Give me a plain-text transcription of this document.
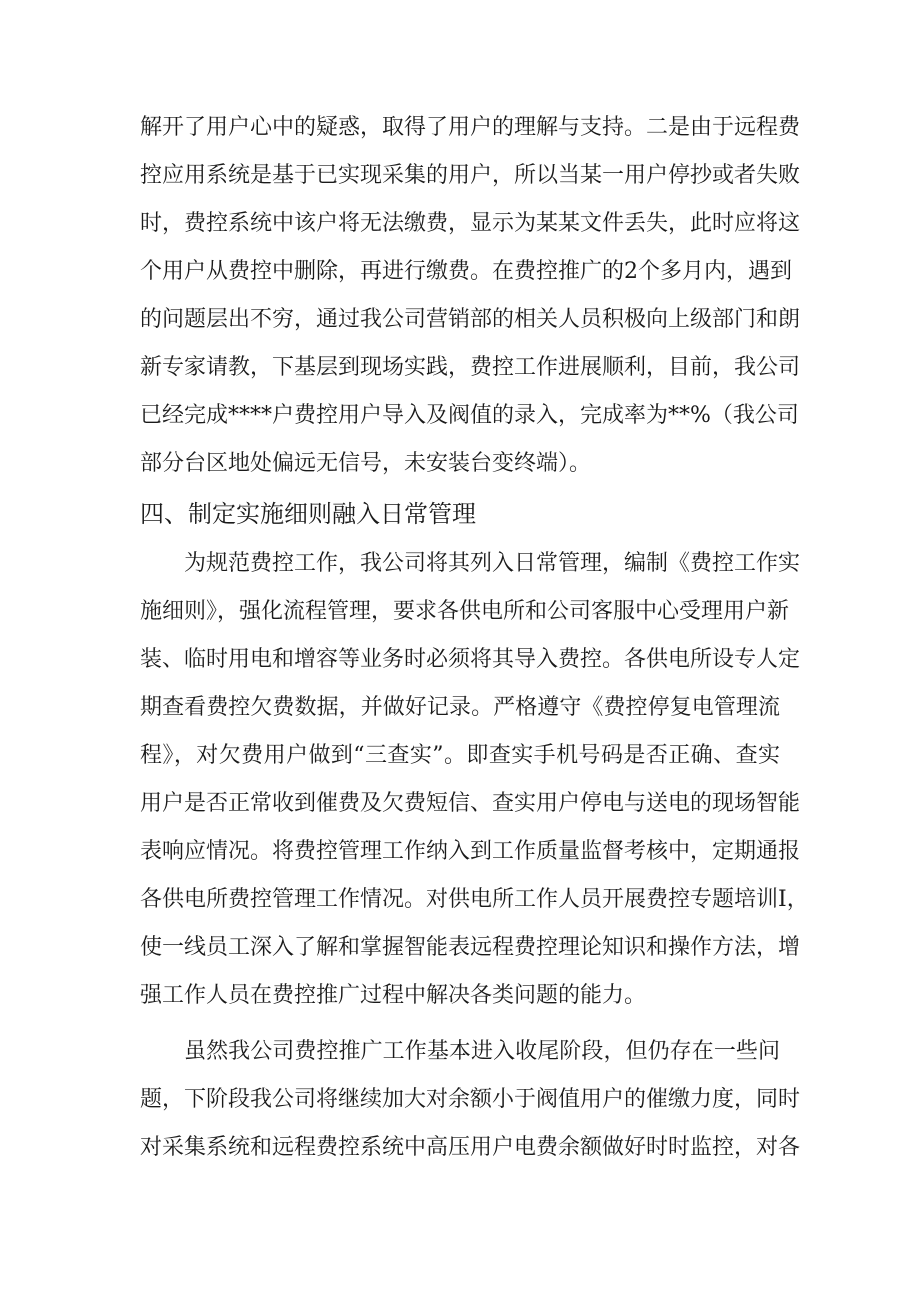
解开了用户心中的疑惑，取得了用户的理解与支持。二是由于远程费
控应用系统是基于已实现采集的用户，所以当某一用户停抄或者失败
时，费控系统中该户将无法缴费，显示为某某文件丢失，此时应将这
个用户从费控中删除，再进行缴费。在费控推广的2个多月内，遇到
的问题层出不穷，通过我公司营销部的相关人员积极向上级部门和朗
新专家请教，下基层到现场实践，费控工作进展顺利，目前，我公司
已经完成****户费控用户导入及阀值的录入，完成率为**%（我公司
部分台区地处偏远无信号，未安装台变终端）。
四、制定实施细则融入日常管理
为规范费控工作，我公司将其列入日常管理，编制《费控工作实
施细则》，强化流程管理，要求各供电所和公司客服中心受理用户新
装、临时用电和增容等业务时必须将其导入费控。各供电所设专人定
期查看费控欠费数据，并做好记录。严格遵守《费控停复电管理流
程》，对欠费用户做到“三查实”。即查实手机号码是否正确、查实
用户是否正常收到催费及欠费短信、查实用户停电与送电的现场智能
表响应情况。将费控管理工作纳入到工作质量监督考核中，定期通报
各供电所费控管理工作情况。对供电所工作人员开展费控专题培训I，
使一线员工深入了解和掌握智能表远程费控理论知识和操作方法，增
强工作人员在费控推广过程中解决各类问题的能力。
虽然我公司费控推广工作基本进入收尾阶段，但仍存在一些问
题，下阶段我公司将继续加大对余额小于阀值用户的催缴力度，同时
对采集系统和远程费控系统中高压用户电费余额做好时时监控，对各
